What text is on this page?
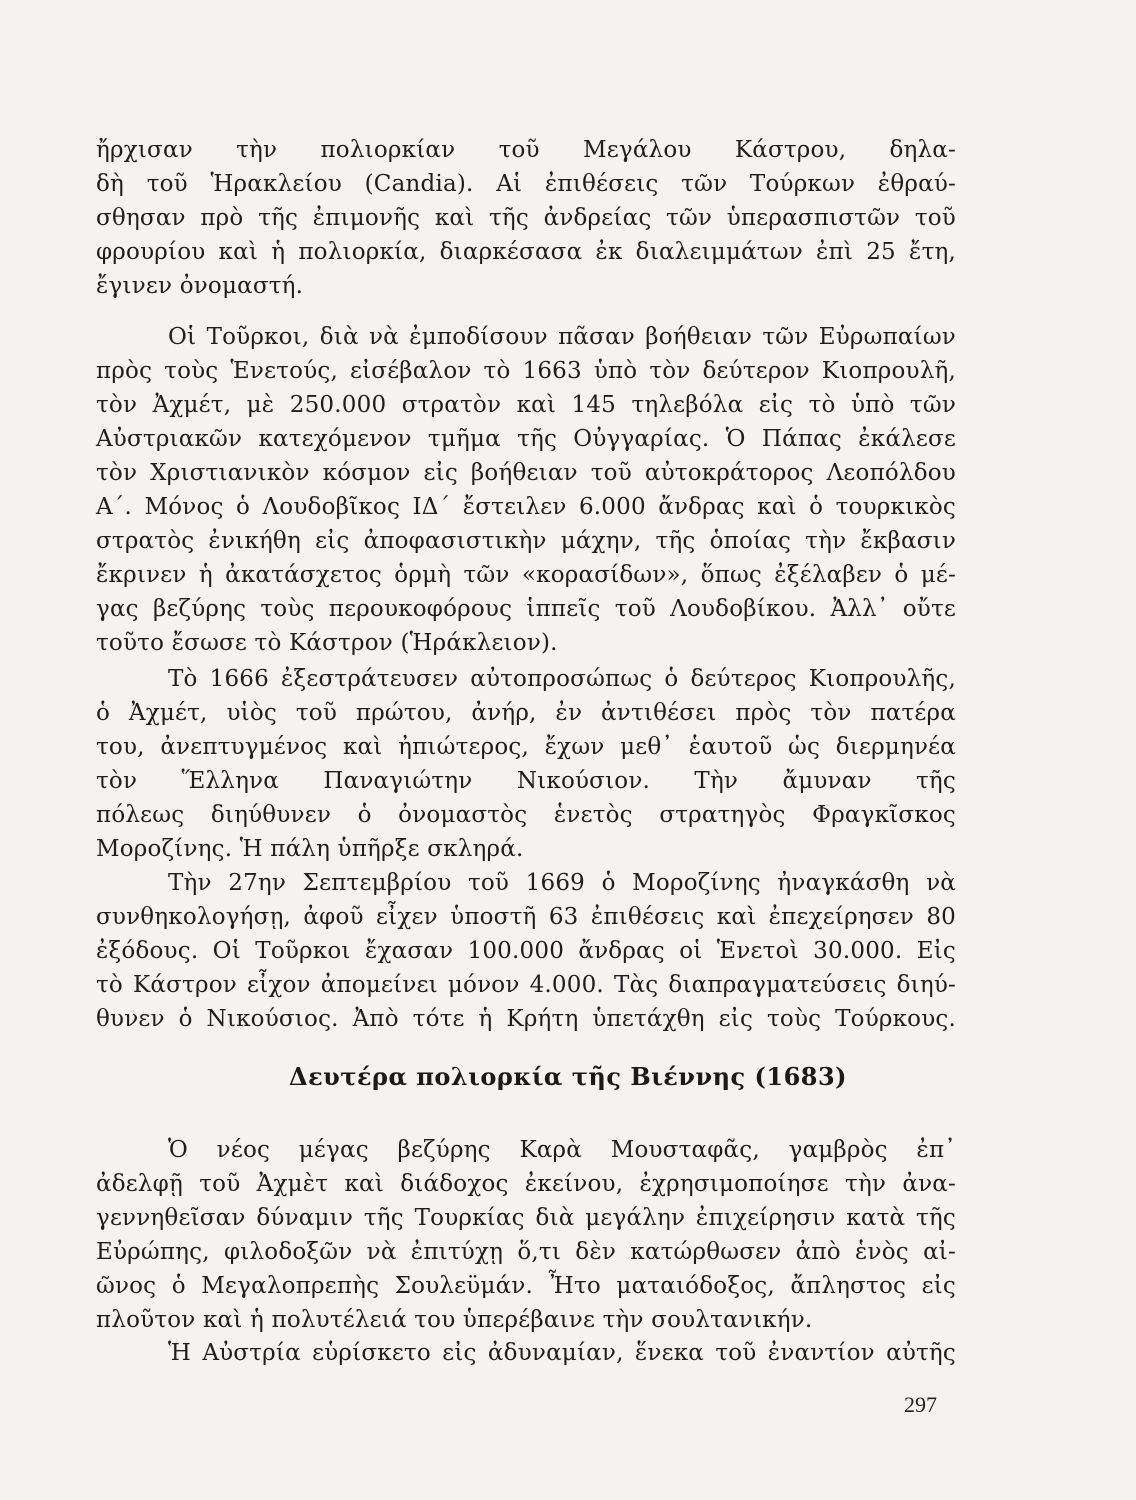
ἤρχισαν τὴν πολιορκίαν τοῦ Μεγάλου Κάστρου, δηλα-
δὴ τοῦ Ἡρακλείου (Candia). Αἱ ἐπιθέσεις τῶν Τούρκων ἐθραύ-
σθησαν πρὸ τῆς ἐπιμονῆς καὶ τῆς ἀνδρείας τῶν ὑπερασπιστῶν τοῦ
φρουρίου καὶ ἡ πολιορκία, διαρκέσασα ἐκ διαλειμμάτων ἐπὶ 25 ἔτη,
ἔγινεν ὀνομαστή.
Οἱ Τοῦρκοι, διὰ νὰ ἐμποδίσουν πᾶσαν βοήθειαν τῶν Εὐρωπαίων
πρὸς τοὺς Ἑνετούς, εἰσέβαλον τὸ 1663 ὑπὸ τὸν δεύτερον Κιοπρουλῆ,
τὸν Ἀχμέτ, μὲ 250.000 στρατὸν καὶ 145 τηλεβόλα εἰς τὸ ὑπὸ τῶν
Αὐστριακῶν κατεχόμενον τμῆμα τῆς Οὐγγαρίας. Ὁ Πάπας ἐκάλεσε
τὸν Χριστιανικὸν κόσμον εἰς βοήθειαν τοῦ αὐτοκράτορος Λεοπόλδου
Α΄. Μόνος ὁ Λουδοβῖκος ΙΔ΄ ἔστειλεν 6.000 ἄνδρας καὶ ὁ τουρκικὸς
στρατὸς ἐνικήθη εἰς ἀποφασιστικὴν μάχην, τῆς ὁποίας τὴν ἔκβασιν
ἔκρινεν ἡ ἀκατάσχετος ὁρμὴ τῶν «κορασίδων», ὅπως ἐξέλαβεν ὁ μέ-
γας βεζύρης τοὺς περουκοφόρους ἱππεῖς τοῦ Λουδοβίκου. Ἀλλ᾽ οὔτε
τοῦτο ἔσωσε τὸ Κάστρον (Ἡράκλειον).
Τὸ 1666 ἐξεστράτευσεν αὐτοπροσώπως ὁ δεύτερος Κιοπρουλῆς,
ὁ Ἀχμέτ, υἱὸς τοῦ πρώτου, ἀνήρ, ἐν ἀντιθέσει πρὸς τὸν πατέρα
του, ἀνεπτυγμένος καὶ ἠπιώτερος, ἔχων μεθ᾽ ἑαυτοῦ ὡς διερμηνέα
τὸν Ἕλληνα Παναγιώτην Νικούσιον. Τὴν ἄμυναν τῆς
πόλεως διηύθυνεν ὁ ὀνομαστὸς ἑνετὸς στρατηγὸς Φραγκῖσκος
Μοροζίνης. Ἡ πάλη ὑπῆρξε σκληρά.
Τὴν 27ην Σεπτεμβρίου τοῦ 1669 ὁ Μοροζίνης ἠναγκάσθη νὰ
συνθηκολογήσῃ, ἀφοῦ εἶχεν ὑποστῆ 63 ἐπιθέσεις καὶ ἐπεχείρησεν 80
ἐξόδους. Οἱ Τοῦρκοι ἔχασαν 100.000 ἄνδρας οἱ Ἑνετοὶ 30.000. Εἰς
τὸ Κάστρον εἶχον ἀπομείνει μόνον 4.000. Τὰς διαπραγματεύσεις διηύ-
θυνεν ὁ Νικούσιος. Ἀπὸ τότε ἡ Κρήτη ὑπετάχθη εἰς τοὺς Τούρκους.
Δευτέρα πολιορκία τῆς Βιέννης (1683)
Ὁ νέος μέγας βεζύρης Καρὰ Μουσταφᾶς, γαμβρὸς ἐπ᾽
ἀδελφῇ τοῦ Ἀχμὲτ καὶ διάδοχος ἐκείνου, ἐχρησιμοποίησε τὴν ἀνα-
γεννηθεῖσαν δύναμιν τῆς Τουρκίας διὰ μεγάλην ἐπιχείρησιν κατὰ τῆς
Εὐρώπης, φιλοδοξῶν νὰ ἐπιτύχῃ ὅ,τι δὲν κατώρθωσεν ἀπὸ ἑνὸς αἰ-
ῶνος ὁ Μεγαλοπρεπὴς Σουλεϋμάν. Ἦτο ματαιόδοξος, ἄπληστος εἰς
πλοῦτον καὶ ἡ πολυτέλειά του ὑπερέβαινε τὴν σουλτανικήν.
Ἡ Αὐστρία εὑρίσκετο εἰς ἀδυναμίαν, ἕνεκα τοῦ ἐναντίον αὐτῆς
297
